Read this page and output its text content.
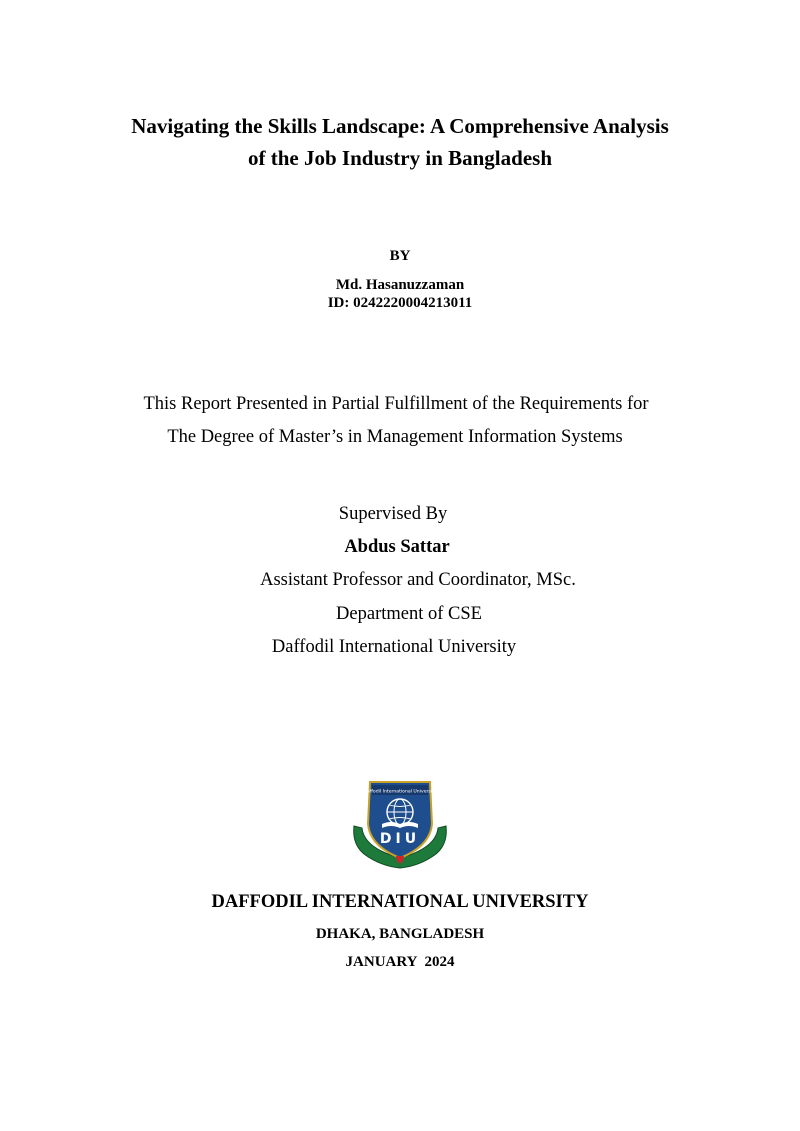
Navigating the Skills Landscape: A Comprehensive Analysis
of the Job Industry in Bangladesh
BY
Md. Hasanuzzaman
ID: 0242220004213011
This Report Presented in Partial Fulfillment of the Requirements for
The Degree of Master’s in Management Information Systems
Supervised By
Abdus Sattar
Assistant Professor and Coordinator, MSc.
Department of CSE
Daffodil International University
Daffodil International University
DIU
DAFFODIL INTERNATIONAL UNIVERSITY
DHAKA, BANGLADESH
JANUARY  2024
